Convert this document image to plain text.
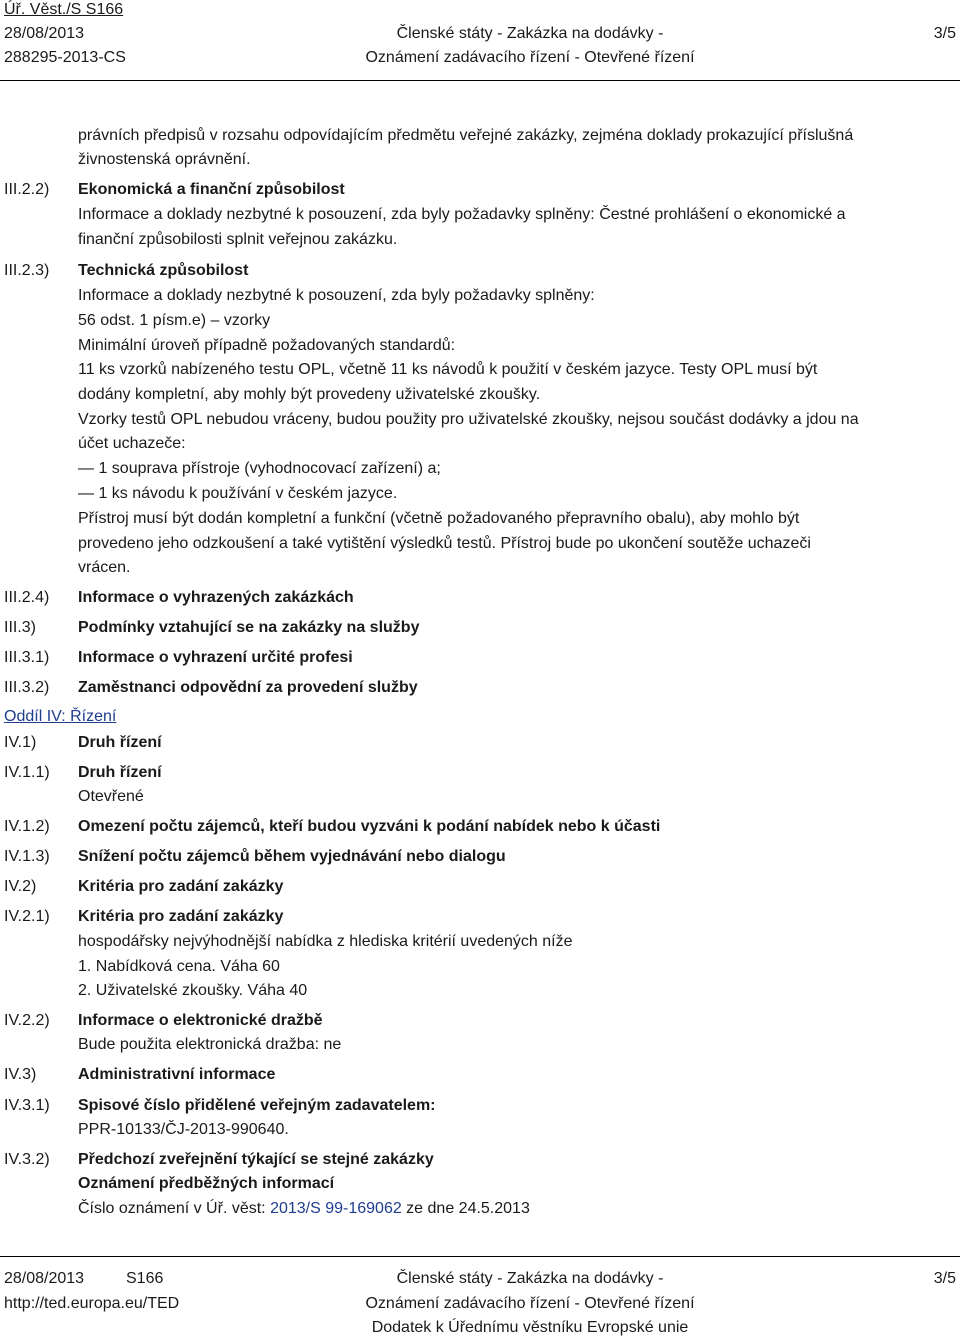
Úř. Věst./S S166
28/08/2013
288295-2013-CS
Členské státy - Zakázka na dodávky -
Oznámení zadávacího řízení - Otevřené řízení
3/5
právních předpisů v rozsahu odpovídajícím předmětu veřejné zakázky, zejména doklady prokazující příslušná
živnostenská oprávnění.
III.2.2) Ekonomická a finanční způsobilost
Informace a doklady nezbytné k posouzení, zda byly požadavky splněny: Čestné prohlášení o ekonomické a
finanční způsobilosti splnit veřejnou zakázku.
III.2.3) Technická způsobilost
Informace a doklady nezbytné k posouzení, zda byly požadavky splněny:
56 odst. 1 písm.e) – vzorky
Minimální úroveň případně požadovaných standardů:
11 ks vzorků nabízeného testu OPL, včetně 11 ks návodů k použití v českém jazyce. Testy OPL musí být
dodány kompletní, aby mohly být provedeny uživatelské zkoušky.
Vzorky testů OPL nebudou vráceny, budou použity pro uživatelské zkoušky, nejsou součást dodávky a jdou na
účet uchazeče:
— 1 souprava přístroje (vyhodnocovací zařízení) a;
— 1 ks návodu k používání v českém jazyce.
Přístroj musí být dodán kompletní a funkční (včetně požadovaného přepravního obalu), aby mohlo být
provedeno jeho odzkoušení a také vytištění výsledků testů. Přístroj bude po ukončení soutěže uchazeči
vrácen.
III.2.4) Informace o vyhrazených zakázkách
III.3)	Podmínky vztahující se na zakázky na služby
III.3.1) Informace o vyhrazení určité profesi
III.3.2) Zaměstnanci odpovědní za provedení služby
Oddíl IV: Řízení
IV.1)	Druh řízení
IV.1.1) Druh řízení
Otevřené
IV.1.2) Omezení počtu zájemců, kteří budou vyzváni k podání nabídek nebo k účasti
IV.1.3) Snížení počtu zájemců během vyjednávání nebo dialogu
IV.2)	Kritéria pro zadání zakázky
IV.2.1) Kritéria pro zadání zakázky
hospodářsky nejvýhodnější nabídka z hlediska kritérií uvedených níže
1. Nabídková cena. Váha 60
2. Uživatelské zkoušky. Váha 40
IV.2.2) Informace o elektronické dražbě
Bude použita elektronická dražba: ne
IV.3)	Administrativní informace
IV.3.1) Spisové číslo přidělené veřejným zadavatelem:
PPR-10133/ČJ-2013-990640.
IV.3.2) Předchozí zveřejnění týkající se stejné zakázky
Oznámení předběžných informací
Číslo oznámení v Úř. věst: 2013/S 99-169062 ze dne 24.5.2013
28/08/2013	S166
http://ted.europa.eu/TED
Členské státy - Zakázka na dodávky -
Oznámení zadávacího řízení - Otevřené řízení
Dodatek k Úřednímu věstníku Evropské unie
3/5
